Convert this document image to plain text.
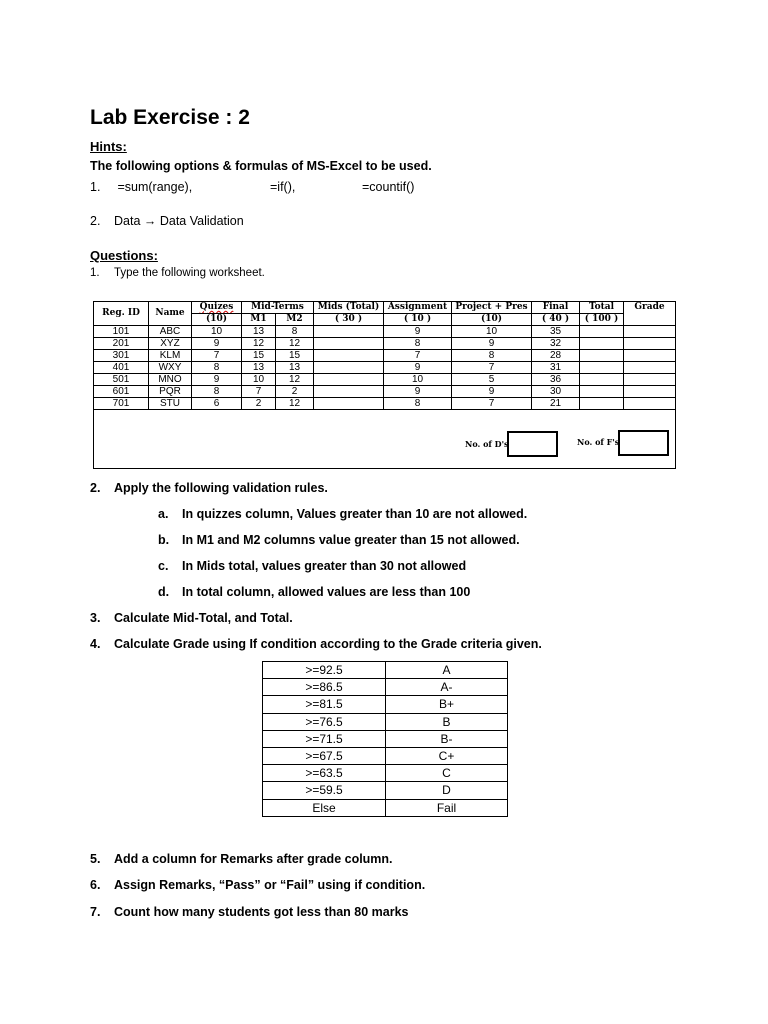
Lab Exercise : 2
Hints:
The following options & formulas of MS-Excel to be used.
1. =sum(range),	=if(),	=countif()
2. Data → Data Validation
Questions:
1. Type the following worksheet.
Reg. ID	Name	Quizes	Mid-Terms		Mids (Total)	Assignment	Project + Pres	Final	Total	Grade
		(10)	M1	M2	( 30 )	( 10 )	(10)	( 40 )	( 100 )	
101	ABC	10	13	8		9	10	35		
201	XYZ	9	12	12		8	9	32		
301	KLM	7	15	15		7	8	28		
401	WXY	8	13	13		9	7	31		
501	MNO	9	10	12		10	5	36		
601	PQR	8	7	2		9	9	30		
701	STU	6	2	12		8	7	21		
No. of D's	No. of F's
2. Apply the following validation rules.
a. In quizzes column, Values greater than 10 are not allowed.
b. In M1 and M2 columns value greater than 15 not allowed.
c. In Mids total, values greater than 30 not allowed
d. In total column, allowed values are less than 100
3. Calculate Mid-Total, and Total.
4. Calculate Grade using If condition according to the Grade criteria given.
>=92.5	A
>=86.5	A-
>=81.5	B+
>=76.5	B
>=71.5	B-
>=67.5	C+
>=63.5	C
>=59.5	D
Else	Fail
5. Add a column for Remarks after grade column.
6. Assign Remarks, “Pass” or “Fail” using if condition.
7. Count how many students got less than 80 marks
